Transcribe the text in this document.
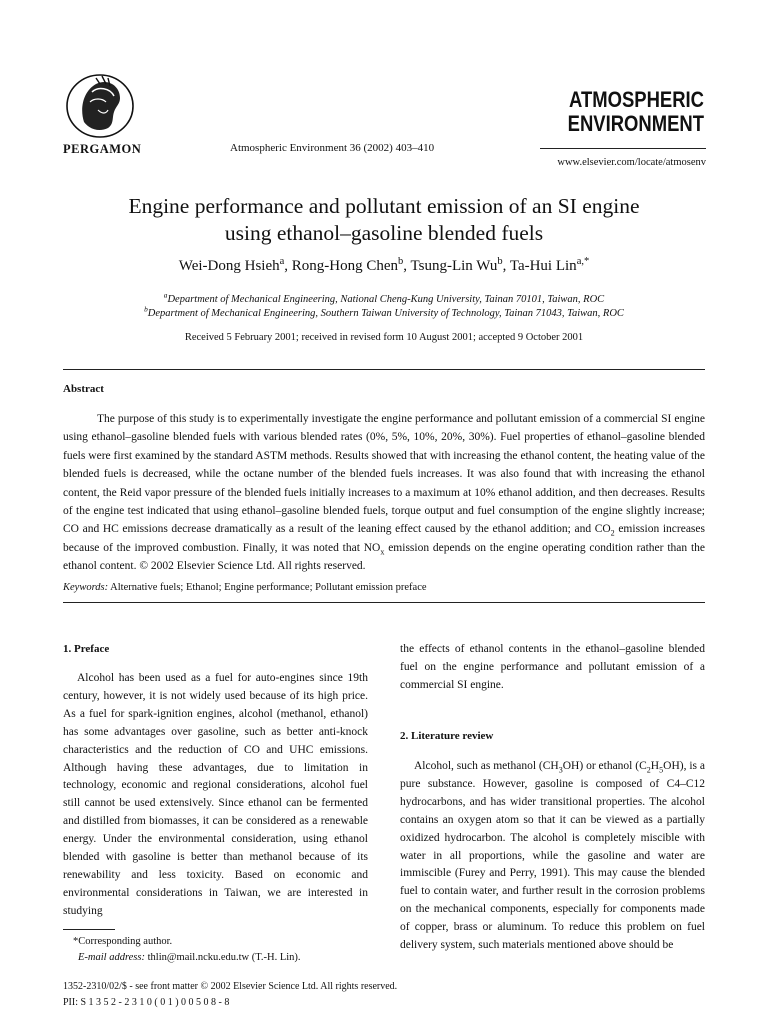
PERGAMON	Atmospheric Environment 36 (2002) 403–410
ATMOSPHERIC
ENVIRONMENT
www.elsevier.com/locate/atmosenv
Engine performance and pollutant emission of an SI engine
using ethanol–gasoline blended fuels
Wei-Dong Hsieh$^a$, Rong-Hong Chen$^b$, Tsung-Lin Wu$^b$, Ta-Hui Lin$^{a,*}$
$^a$Department of Mechanical Engineering, National Cheng-Kung University, Tainan 70101, Taiwan, ROC
$^b$Department of Mechanical Engineering, Southern Taiwan University of Technology, Tainan 71043, Taiwan, ROC
Received 5 February 2001; received in revised form 10 August 2001; accepted 9 October 2001
Abstract
The purpose of this study is to experimentally investigate the engine performance and pollutant emission of a commercial SI engine using ethanol–gasoline blended fuels with various blended rates (0%, 5%, 10%, 20%, 30%). Fuel properties of ethanol–gasoline blended fuels were first examined by the standard ASTM methods. Results showed that with increasing the ethanol content, the heating value of the blended fuels is decreased, while the octane number of the blended fuels increases. It was also found that with increasing the ethanol content, the Reid vapor pressure of the blended fuels initially increases to a maximum at 10% ethanol addition, and then decreases. Results of the engine test indicated that using ethanol–gasoline blended fuels, torque output and fuel consumption of the engine slightly increase; CO and HC emissions decrease dramatically as a result of the leaning effect caused by the ethanol addition; and $CO_2$ emission increases because of the improved combustion. Finally, it was noted that $NO_x$ emission depends on the engine operating condition rather than the ethanol content. © 2002 Elsevier Science Ltd. All rights reserved.
Keywords: Alternative fuels; Ethanol; Engine performance; Pollutant emission preface
1. Preface

Alcohol has been used as a fuel for auto-engines since 19th century, however, it is not widely used because of its high price. As a fuel for spark-ignition engines, alcohol (methanol, ethanol) has some advantages over gasoline, such as better anti-knock characteristics and the reduction of CO and UHC emissions. Although having these advantages, due to limitation in technology, economic and regional considerations, alcohol fuel still cannot be used extensively. Since ethanol can be fermented and distilled from biomasses, it can be considered as a renewable energy. Under the environmental consideration, using ethanol blended with gasoline is better than methanol because of its renewability and less toxicity. Based on economic and environmental considerations in Taiwan, we are interested in studying

*Corresponding author.
E-mail address: thlin@mail.ncku.edu.tw (T.-H. Lin).
the effects of ethanol contents in the ethanol–gasoline blended fuel on the engine performance and pollutant emission of a commercial SI engine.
2. Literature review

Alcohol, such as methanol $(CH_3OH)$ or ethanol $(C_2H_5OH)$, is a pure substance. However, gasoline is composed of C4–C12 hydrocarbons, and has wider transitional properties. The alcohol contains an oxygen atom so that it can be viewed as a partially oxidized hydrocarbon. The alcohol is completely miscible with water in all proportions, while the gasoline and water are immiscible (Furey and Perry, 1991). This may cause the blended fuel to contain water, and further result in the corrosion problems on the mechanical components, especially for components made of copper, brass or aluminum. To reduce this problem on fuel delivery system, such materials mentioned above should be

1352-2310/02/$ - see front matter © 2002 Elsevier Science Ltd. All rights reserved.
PII: S 1 3 5 2 - 2 3 1 0 ( 0 1 ) 0 0 5 0 8 - 8
